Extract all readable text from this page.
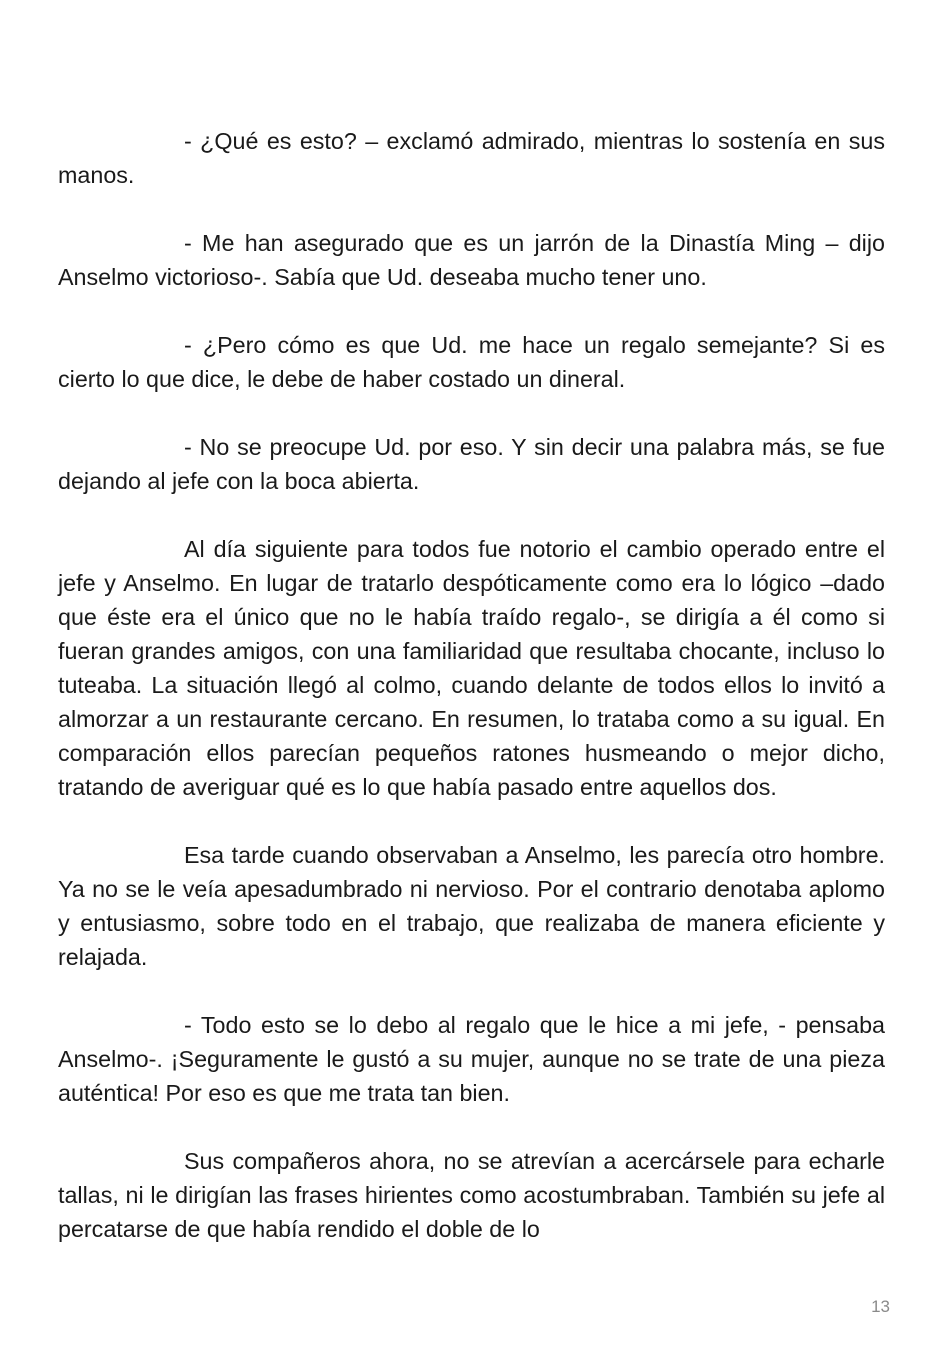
- ¿Qué es esto? – exclamó admirado, mientras lo sostenía en sus manos.

- Me han asegurado que es un jarrón de la Dinastía Ming – dijo Anselmo victorioso-. Sabía que Ud. deseaba mucho tener uno.

- ¿Pero cómo es que Ud. me hace un regalo semejante? Si es cierto lo que dice, le debe de haber costado un dineral.

- No se preocupe Ud. por eso. Y sin decir una palabra más, se fue dejando al jefe con la boca abierta.

Al día siguiente para todos fue notorio el cambio operado entre el jefe y Anselmo. En lugar de tratarlo despóticamente como era lo lógico –dado que éste era el único que no le había traído regalo-, se dirigía a él como si fueran grandes amigos, con una familiaridad que resultaba chocante, incluso lo tuteaba. La situación llegó al colmo, cuando delante de todos ellos lo invitó a almorzar a un restaurante cercano. En resumen, lo trataba como a su igual. En comparación ellos parecían pequeños ratones husmeando o mejor dicho, tratando de averiguar qué es lo que había pasado entre aquellos dos.

Esa tarde cuando observaban a Anselmo, les parecía otro hombre. Ya no se le veía apesadumbrado ni nervioso. Por el contrario denotaba aplomo y entusiasmo, sobre todo en el trabajo, que realizaba de manera eficiente y relajada.

- Todo esto se lo debo al regalo que le hice a mi jefe, - pensaba Anselmo-. ¡Seguramente le gustó a su mujer, aunque no se trate de una pieza auténtica! Por eso es que me trata tan bien.

Sus compañeros ahora, no se atrevían a acercársele para echarle tallas, ni le dirigían las frases hirientes como acostumbraban. También su jefe al percatarse de que había rendido el doble de lo

13
